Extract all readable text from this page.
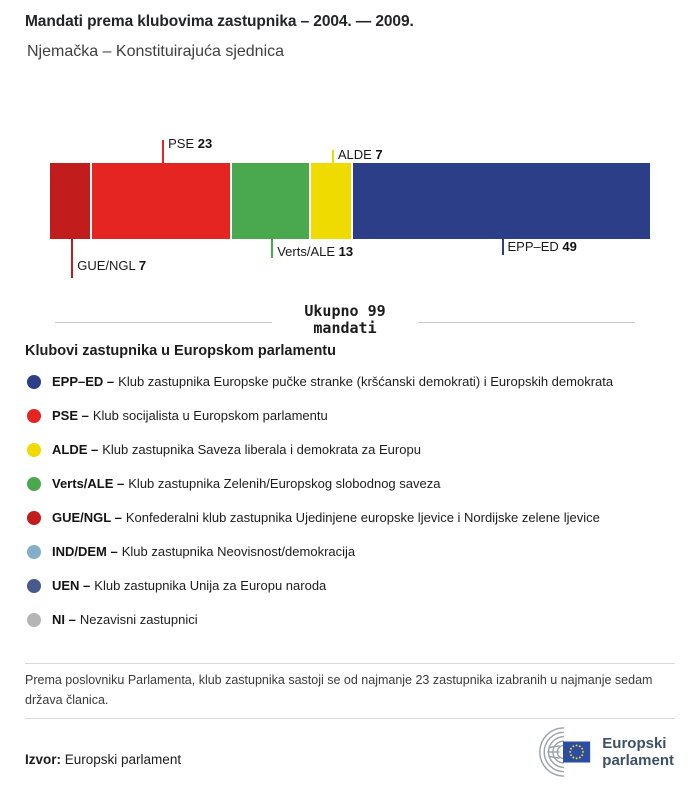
Mandati prema klubovima zastupnika – 2004. — 2009.
Njemačka – Konstituirajuća sjednica
GUE/NGL 7
PSE 23
Verts/ALE 13
ALDE 7
EPP–ED 49
Ukupno 99
mandati
Klubovi zastupnika u Europskom parlamentu
EPP–ED – Klub zastupnika Europske pučke stranke (kršćanski demokrati) i Europskih demokrata
PSE – Klub socijalista u Europskom parlamentu
ALDE – Klub zastupnika Saveza liberala i demokrata za Europu
Verts/ALE – Klub zastupnika Zelenih/Europskog slobodnog saveza
GUE/NGL – Konfederalni klub zastupnika Ujedinjene europske ljevice i Nordijske zelene ljevice
IND/DEM – Klub zastupnika Neovisnost/demokracija
UEN – Klub zastupnika Unija za Europu naroda
NI – Nezavisni zastupnici
Prema poslovniku Parlamenta, klub zastupnika sastoji se od najmanje 23 zastupnika izabranih u najmanje sedam država članica.
Izvor: Europski parlament
Europski
parlament
